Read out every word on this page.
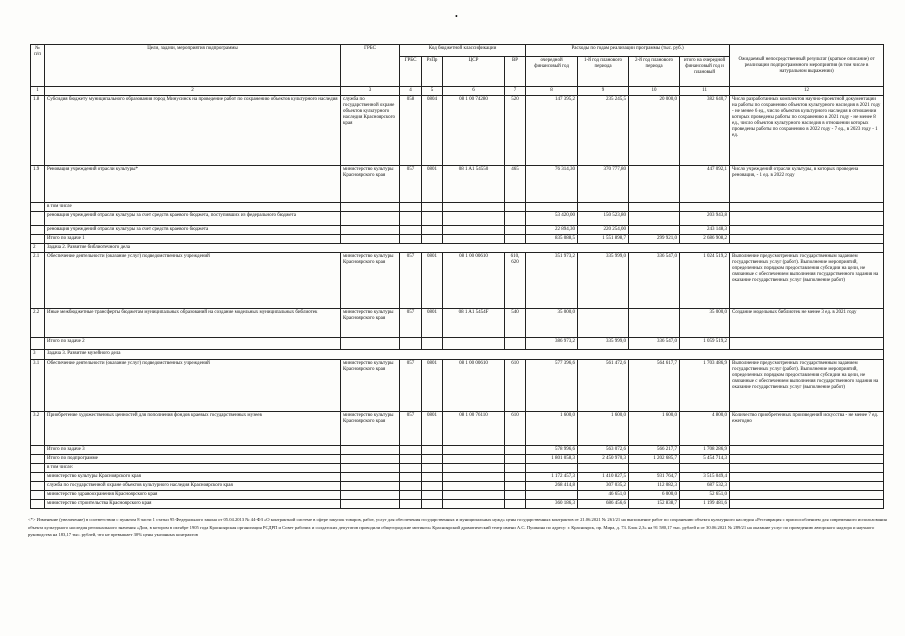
•
№ п/п	Цели, задачи, мероприятия подпрограммы	ГРБС	Код бюджетной классификации				Расходы по годам реализации программы (тыс. руб.)				Ожидаемый непосредственный результат (краткое описание) от реализации подпрограммного мероприятия (в том числе в натуральном выражении)
			ГРБС	РзПр	ЦСР	ВР	очередной финансовый год	1-й год планового периода	2-й год планового периода	итого на очередной финансовый год и плановый	
1	2	3	4	5	6	7	8	9	10	11	12
1.8	Субсидия бюджету муниципального образования город Минусинск на проведение работ по сохранению объектов культурного наследия	служба по государственной охране объектов культурного наследия Красноярского края	058	0804	08 1 00 74280	520	147 395,2	235 245,5	20 000,0	382 640,7	Число разработанных комплектов научно-проектной документации на работы по сохранению объектов культурного наследия в 2021 году - не менее 6 ед., число объектов культурного наследия в отношении которых проведены работы по сохранению в 2021 году - не менее 8 ед., число объектов культурного наследия в отношении которых проведены работы по сохранению в 2022 году - 7 ед., в 2023 году - 1 ед.
1.9	Реновация учреждений отрасли культуры*	министерство культуры Красноярского края	057	0801	08 1 A1 54550	465	76 314,30	370 777,80		447 092,1	Число учреждений отрасли культуры, в которых проведена реновация, - 1 ед. в 2022 году
	в том числе										
	реновация учреждений отрасли культуры за счет средств краевого бюджета, поступивших из федерального бюджета						53 420,00	150 523,80		203 943,8	
	реновация учреждений отрасли культуры за счет средств краевого бюджета						22 894,30	220 254,00		243 148,3	
	Итого по задаче 1						835 088,5	1 551 898,7	299 921,0	2 686 908,2	
2	Задача 2. Развитие библиотечного дела										
2.1	Обеспечение деятельности (оказание услуг) подведомственных учреждений	министерство культуры Красноярского края	057	0801	08 1 00 00610	610, 620	351 973,2	335 999,0	336 547,0	1 024 519,2	Выполнение предусмотренных государственным заданием государственных услуг (работ). Выполнение мероприятий, определенных порядком предоставления субсидии на цели, не связанные с обеспечением выполнения государственного задания на оказание государственных услуг (выполнение работ)
2.2	Иные межбюджетные трансферты бюджетам муниципальных образований на создание модельных муниципальных библиотек	министерство культуры Красноярского края	057	0801	08 1 A1 5454F	540	35 000,0			35 000,0	Создание модельных библиотек не менее 3 ед. в 2021 году
	Итого по задаче 2						386 973,2	335 999,0	336 547,0	1 059 519,2	
3	Задача 3. Развитие музейного дела										
3.1	Обеспечение деятельности (оказание услуг) подведомственных учреждений	министерство культуры Красноярского края	057	0801	08 1 00 00610	610	577 396,6	561 472,6	564 617,7	1 703 486,9	Выполнение предусмотренных государственным заданием государственных услуг (работ). Выполнение мероприятий, определенных порядком предоставления субсидии на цели, не связанные с обеспечением выполнения государственного задания на оказание государственных услуг (выполнение работ)
3.2	Приобретение художественных ценностей для пополнения фондов краевых государственных музеев	министерство культуры Красноярского края	057	0801	08 1 00 76110	610	1 600,0	1 600,0	1 600,0	4 800,0	Количество приобретенных произведений искусства - не менее 7 ед. ежегодно
	Итого по задаче 3						578 996,6	563 072,6	566 217,7	1 708 286,9	
	Итого по подпрограмме						1 801 058,3	2 450 970,3	1 202 685,7	5 454 714,3	
	в том числе:										
	министерство культуры Красноярского края						1 172 457,3	1 410 827,5	931 764,7	3 515 049,4	
	служба по государственной охране объектов культурного наследия Красноярского края						268 414,8	307 035,2	112 082,3	687 532,3	
	министерство здравоохранения Красноярского края							46 651,0	6 000,0	52 651,0	
	министерство строительства Красноярского края						360 186,3	686 456,6	152 838,7	1 199 481,6	
<*> Изменение (увеличение) в соответствии с пунктом 8 части 1 статьи 95 Федерального закона от 05.04.2013 № 44-ФЗ «О контрактной системе в сфере закупок товаров, работ, услуг для обеспечения государственных и муниципальных нужд» цены государственных контрактов от 21.06.2021 № 261/21 на выполнение работ по сохранению объекта культурного наследия «Реставрация с приспособлением для современного использования объекта культурного наследия регионального значения «Дом, в котором в октябре 1905 года Красноярская организация РСДРП и Совет рабочих и солдатских депутатов проводили общегородские митинги» Красноярский драматический театр имени А.С. Пушкина по адресу: г. Красноярск, пр. Мира, д. 73. Блок 2,3» на 91 580,17 тыс. рублей и от 30.06.2021 № 289/21 на оказание услуг по проведению авторского надзора и научного руководства на 183,17 тыс. рублей, что не превышает 30% цены указанных контрактов
